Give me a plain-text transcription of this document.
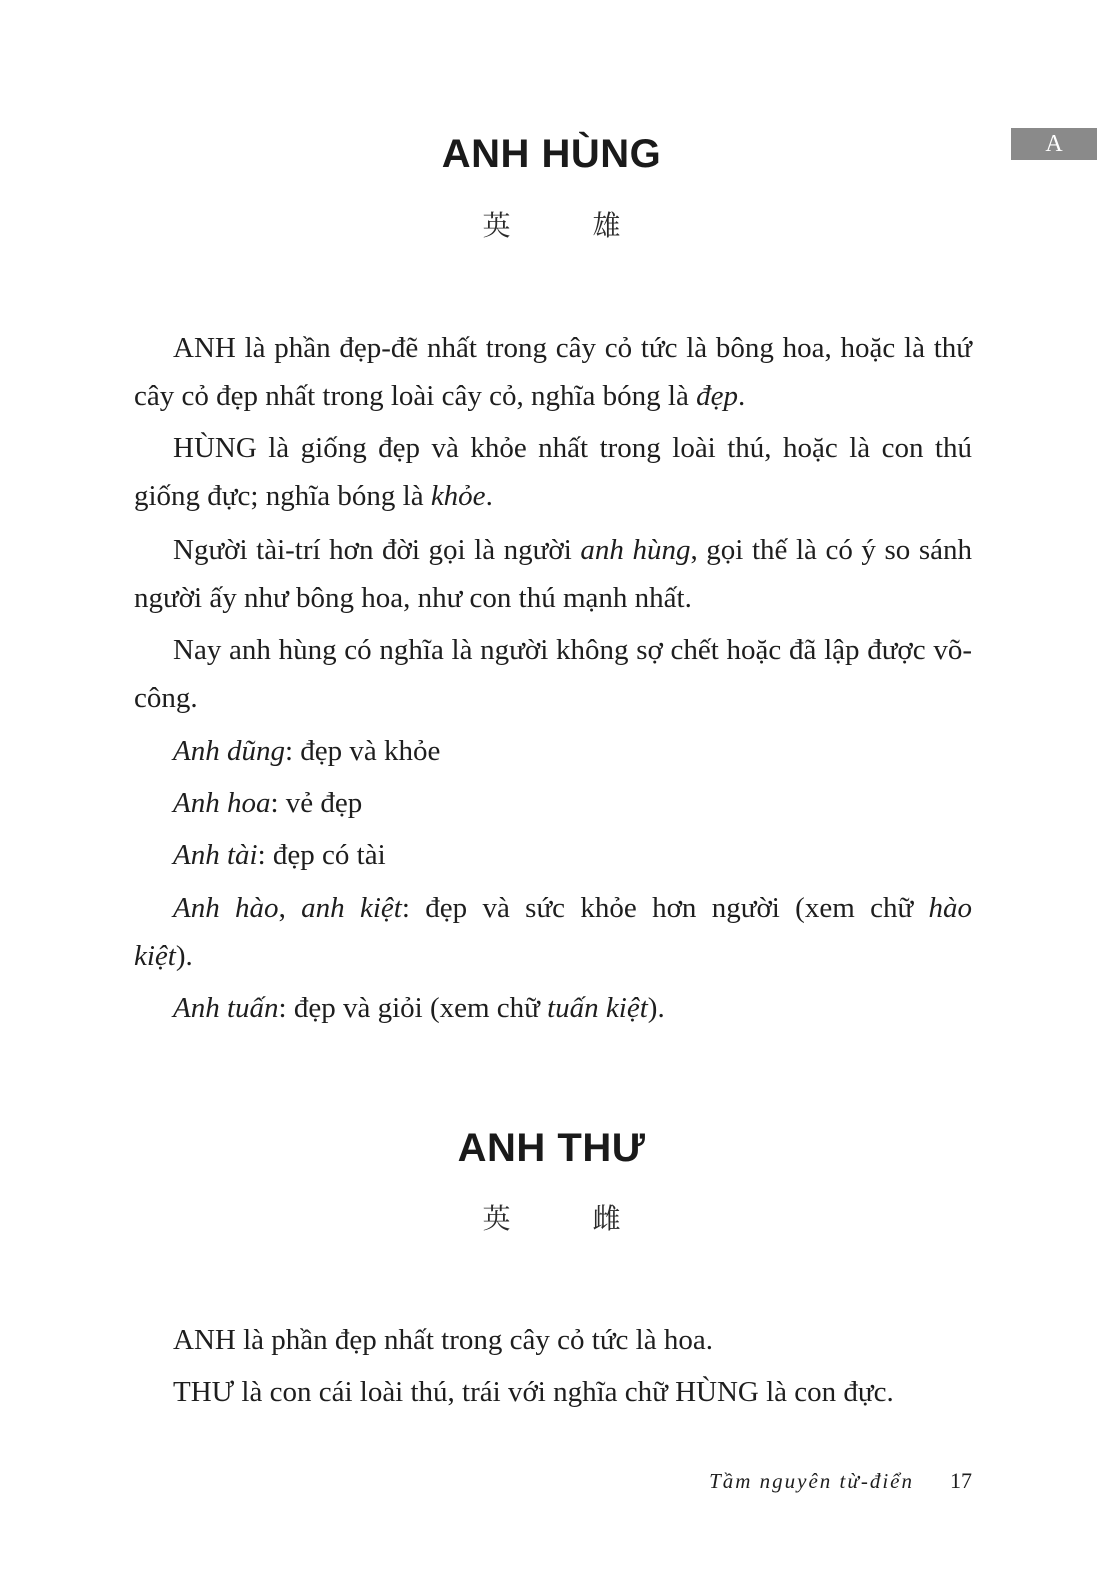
A
ANH HÙNG
英	雄

ANH là phần đẹp-đẽ nhất trong cây cỏ tức là bông hoa, hoặc là thứ cây cỏ đẹp nhất trong loài cây cỏ, nghĩa bóng là đẹp.

HÙNG là giống đẹp và khỏe nhất trong loài thú, hoặc là con thú giống đực; nghĩa bóng là khỏe.

Người tài-trí hơn đời gọi là người anh hùng, gọi thế là có ý so sánh người ấy như bông hoa, như con thú mạnh nhất.

Nay anh hùng có nghĩa là người không sợ chết hoặc đã lập được võ-công.

Anh dũng: đẹp và khỏe

Anh hoa: vẻ đẹp

Anh tài: đẹp có tài

Anh hào, anh kiệt: đẹp và sức khỏe hơn người (xem chữ hào kiệt).

Anh tuấn: đẹp và giỏi (xem chữ tuấn kiệt).

ANH THƯ
英	雌

ANH là phần đẹp nhất trong cây cỏ tức là hoa.

THƯ là con cái loài thú, trái với nghĩa chữ HÙNG là con đực.

Tầm nguyên từ-điển 17
